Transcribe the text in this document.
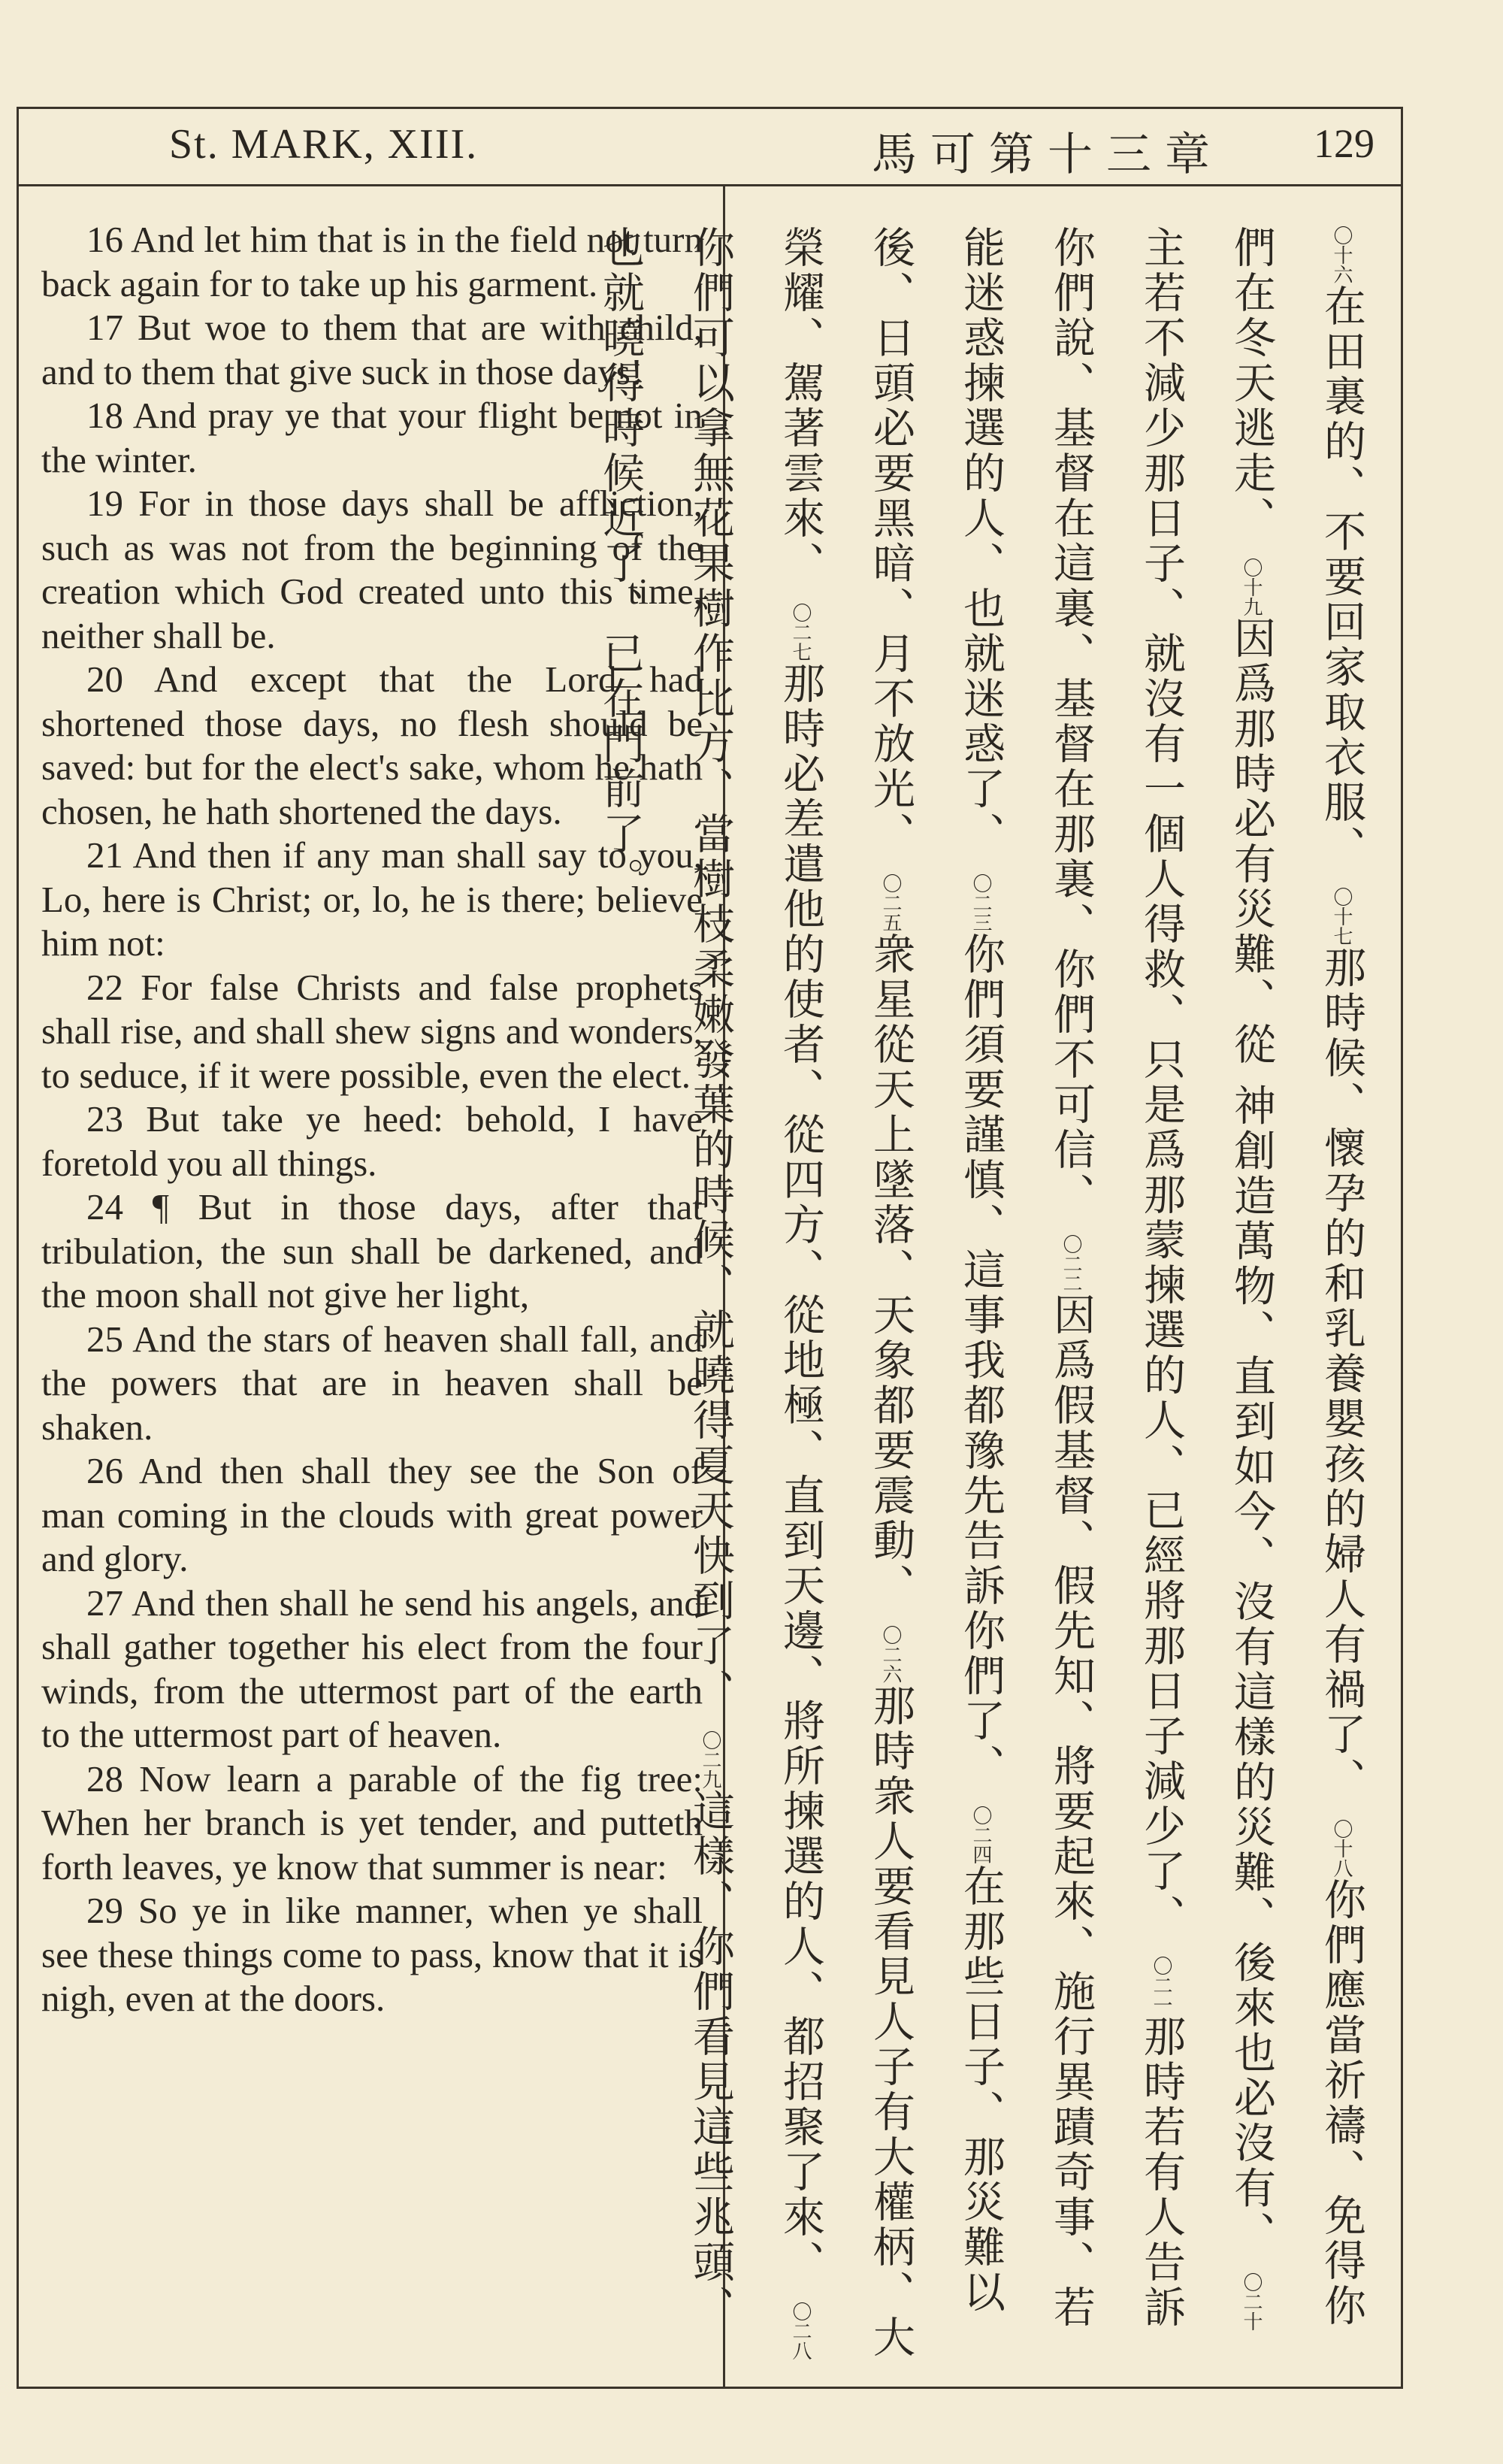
St. MARK, XIII.	馬可第十三章 129

16 And let him that is in the field not turn back again for to take up his garment.

17 But woe to them that are with child, and to them that give suck in those days!

18 And pray ye that your flight be not in the winter.

19 For in those days shall be affliction, such as was not from the beginning of the creation which God created unto this time, neither shall be.

20 And except that the Lord had shortened those days, no flesh should be saved: but for the elect's sake, whom he hath chosen, he hath shortened the days.

21 And then if any man shall say to you, Lo, here is Christ; or, lo, he is there; believe him not:

22 For false Christs and false prophets shall rise, and shall shew signs and wonders, to seduce, if it were possible, even the elect.

23 But take ye heed: behold, I have foretold you all things.

24 ¶ But in those days, after that tribulation, the sun shall be darkened, and the moon shall not give her light,

25 And the stars of heaven shall fall, and the powers that are in heaven shall be shaken.

26 And then shall they see the Son of man coming in the clouds with great power and glory.

27 And then shall he send his angels, and shall gather together his elect from the four winds, from the uttermost part of the earth to the uttermost part of heaven.

28 Now learn a parable of the fig tree: When her branch is yet tender, and putteth forth leaves, ye know that summer is near:

29 So ye in like manner, when ye shall see these things come to pass, know that it is nigh, even at the doors.

〇十六在田裏的、不要回家取衣服、 〇十七那時候、懷孕的和乳養嬰孩的婦人有禍了、 〇十八你們應當祈禱、免得你們在冬天逃走、 〇十九因爲那時必有災難、從 神創造萬物、直到如今、沒有這樣的災難、後來也必沒有、 〇二十主若不減少那日子、就沒有一個人得救、只是爲那蒙揀選的人、已經將那日子減少了、 〇二一那時若有人告訴你們說、基督在這裏、基督在那裏、你們不可信、 〇二二因爲假基督、假先知、將要起來、施行異蹟奇事、若能迷惑揀選的人、也就迷惑了、 〇二三你們須要謹慎、這事我都豫先告訴你們了、 〇二四在那些日子、那災難以後、日頭必要黑暗、月不放光、 〇二五衆星從天上墜落、天象都要震動、 〇二六那時衆人要看見人子有大權柄、大榮耀、駕著雲來、 〇二七那時必差遣他的使者、從四方、從地極、直到天邊、將所揀選的人、都招聚了來、 〇二八你們可以拿無花果樹作比方、當樹枝柔嫩發葉的時候、就曉得夏天快到了、 〇二九這樣、你們看見這些兆頭、也就曉得時候近了、已在門前了。
